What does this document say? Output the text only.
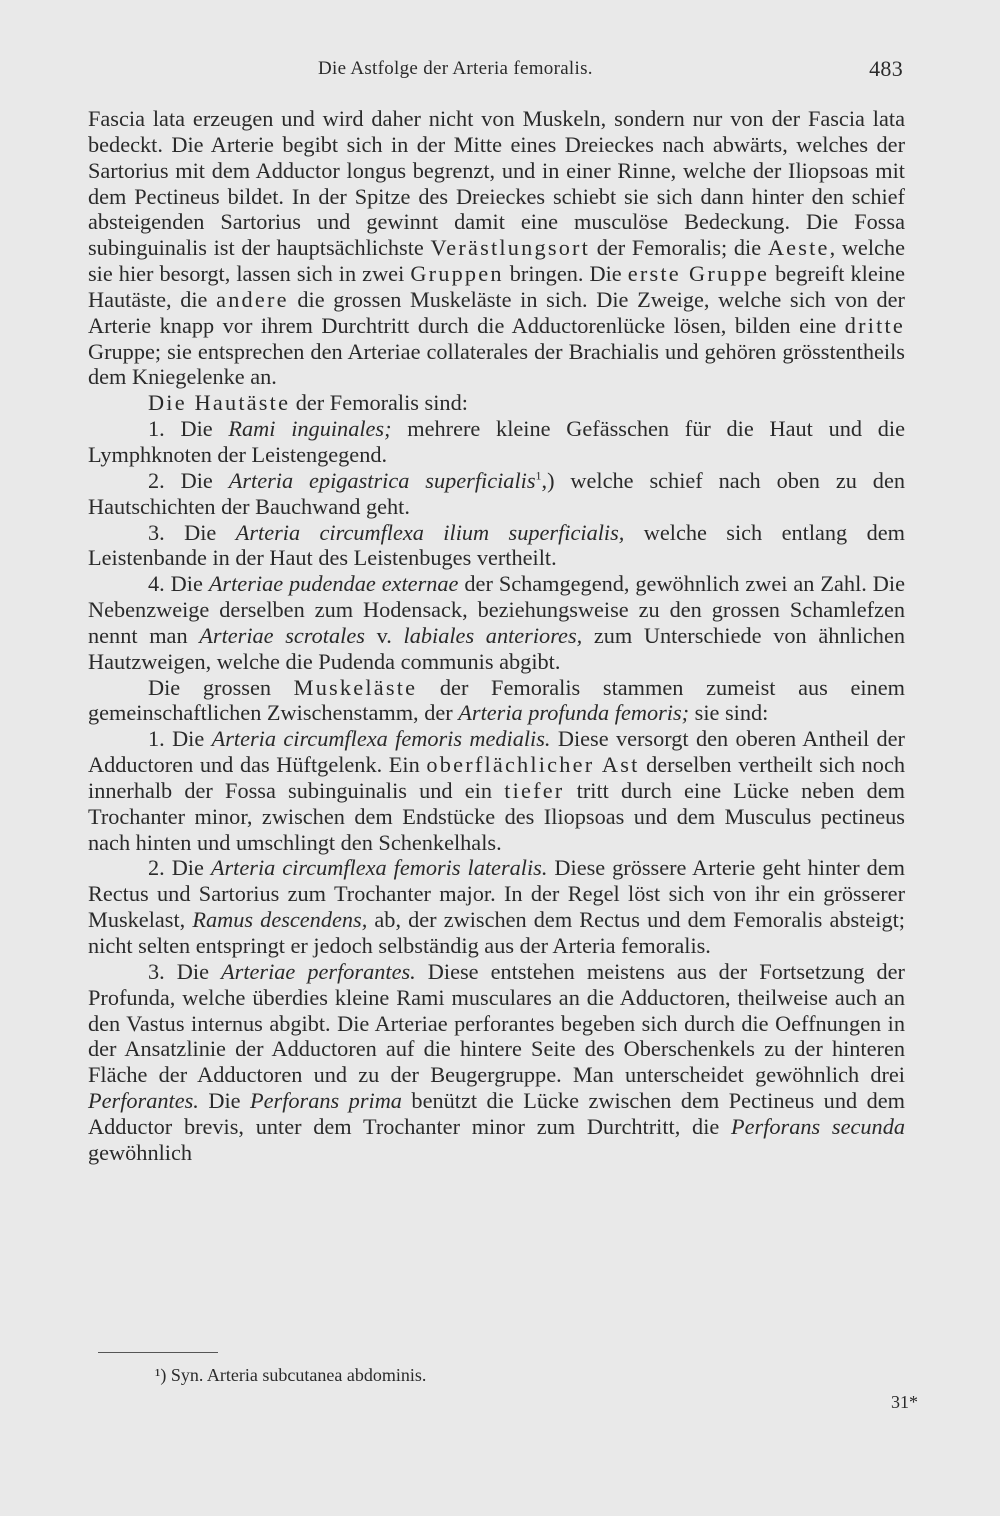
Die Astfolge der Arteria femoralis.	483

Fascia lata erzeugen und wird daher nicht von Muskeln, sondern nur von der Fascia lata bedeckt. Die Arterie begibt sich in der Mitte eines Dreieckes nach abwärts, welches der Sartorius mit dem Adductor longus begrenzt, und in einer Rinne, welche der Iliopsoas mit dem Pectineus bildet. In der Spitze des Dreieckes schiebt sie sich dann hinter den schief absteigenden Sartorius und gewinnt damit eine musculöse Bedeckung. Die Fossa subinguinalis ist der hauptsächlichste Verästlungsort der Femoralis; die Aeste, welche sie hier besorgt, lassen sich in zwei Gruppen bringen. Die erste Gruppe begreift kleine Hautäste, die andere die grossen Muskeläste in sich. Die Zweige, welche sich von der Arterie knapp vor ihrem Durchtritt durch die Adductorenlücke lösen, bilden eine dritte Gruppe; sie entsprechen den Arteriae collaterales der Brachialis und gehören grösstentheils dem Kniegelenke an.

Die Hautäste der Femoralis sind:

1. Die Rami inguinales; mehrere kleine Gefässchen für die Haut und die Lymphknoten der Leistengegend.

2. Die Arteria epigastrica superficialis$^1$,) welche schief nach oben zu den Hautschichten der Bauchwand geht.

3. Die Arteria circumflexa ilium superficialis, welche sich entlang dem Leistenbande in der Haut des Leistenbuges vertheilt.

4. Die Arteriae pudendae externae der Schamgegend, gewöhnlich zwei an Zahl. Die Nebenzweige derselben zum Hodensack, beziehungsweise zu den grossen Schamlefzen nennt man Arteriae scrotales v. labiales anteriores, zum Unterschiede von ähnlichen Hautzweigen, welche die Pudenda communis abgibt.

Die grossen Muskeläste der Femoralis stammen zumeist aus einem gemeinschaftlichen Zwischenstamm, der Arteria profunda femoris; sie sind:

1. Die Arteria circumflexa femoris medialis. Diese versorgt den oberen Antheil der Adductoren und das Hüftgelenk. Ein oberflächlicher Ast derselben vertheilt sich noch innerhalb der Fossa subinguinalis und ein tiefer tritt durch eine Lücke neben dem Trochanter minor, zwischen dem Endstücke des Iliopsoas und dem Musculus pectineus nach hinten und umschlingt den Schenkelhals.

2. Die Arteria circumflexa femoris lateralis. Diese grössere Arterie geht hinter dem Rectus und Sartorius zum Trochanter major. In der Regel löst sich von ihr ein grösserer Muskelast, Ramus descendens, ab, der zwischen dem Rectus und dem Femoralis absteigt; nicht selten entspringt er jedoch selbständig aus der Arteria femoralis.

3. Die Arteriae perforantes. Diese entstehen meistens aus der Fortsetzung der Profunda, welche überdies kleine Rami musculares an die Adductoren, theilweise auch an den Vastus internus abgibt. Die Arteriae perforantes begeben sich durch die Oeffnungen in der Ansatzlinie der Adductoren auf die hintere Seite des Oberschenkels zu der hinteren Fläche der Adductoren und zu der Beugergruppe. Man unterscheidet gewöhnlich drei Perforantes. Die Perforans prima benützt die Lücke zwischen dem Pectineus und dem Adductor brevis, unter dem Trochanter minor zum Durchtritt, die Perforans secunda gewöhnlich

¹) Syn. Arteria subcutanea abdominis.
31*
